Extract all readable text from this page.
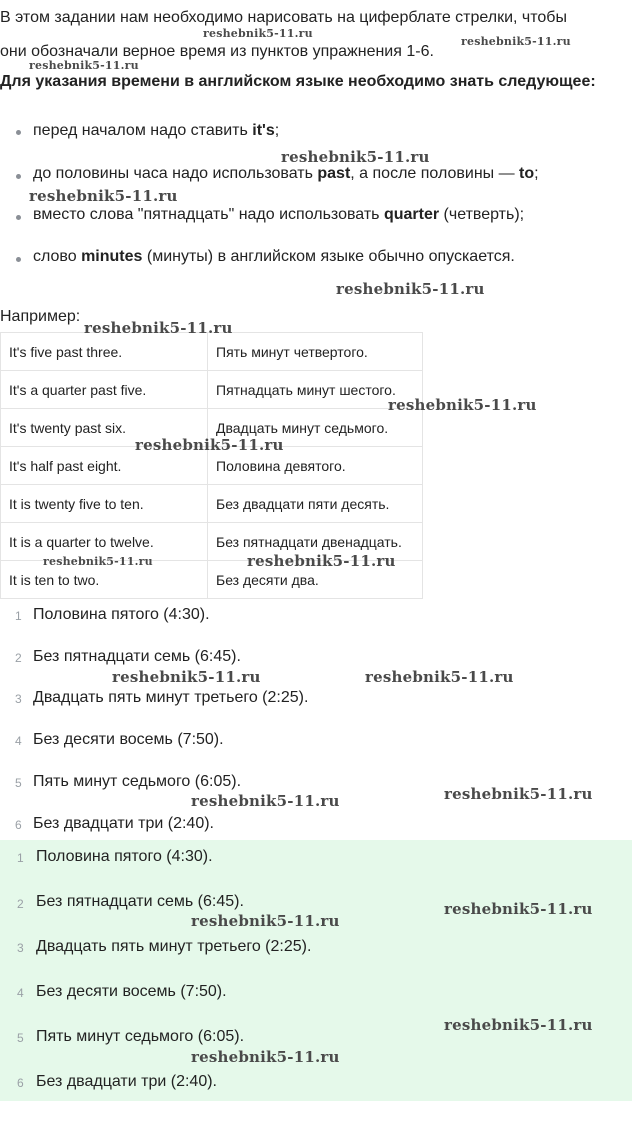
В этом задании нам необходимо нарисовать на циферблате стрелки, чтобы
они обозначали верное время из пунктов упражнения 1-6.
Для указания времени в английском языке необходимо знать следующее:
перед началом надо ставить it's;
до половины часа надо использовать past, а после половины — to;
вместо слова "пятнадцать" надо использовать quarter (четверть);
слово minutes (минуты) в английском языке обычно опускается.
Например:
It's five past three.	Пять минут четвертого.
It's a quarter past five.	Пятнадцать минут шестого.
It's twenty past six.	Двадцать минут седьмого.
It's half past eight.	Половина девятого.
It is twenty five to ten.	Без двадцати пяти десять.
It is a quarter to twelve.	Без пятнадцати двенадцать.
It is ten to two.	Без десяти два.
1 Половина пятого (4:30).
2 Без пятнадцати семь (6:45).
3 Двадцать пять минут третьего (2:25).
4 Без десяти восемь (7:50).
5 Пять минут седьмого (6:05).
6 Без двадцати три (2:40).
1 Половина пятого (4:30).
2 Без пятнадцати семь (6:45).
3 Двадцать пять минут третьего (2:25).
4 Без десяти восемь (7:50).
5 Пять минут седьмого (6:05).
6 Без двадцати три (2:40).
reshebnik5-11.ru
reshebnik5-11.ru
reshebnik5-11.ru
reshebnik5-11.ru
reshebnik5-11.ru
reshebnik5-11.ru
reshebnik5-11.ru
reshebnik5-11.ru
reshebnik5-11.ru
reshebnik5-11.ru	reshebnik5-11.ru
reshebnik5-11.ru	reshebnik5-11.ru
reshebnik5-11.ru
reshebnik5-11.ru
reshebnik5-11.ru
reshebnik5-11.ru
reshebnik5-11.ru
reshebnik5-11.ru
